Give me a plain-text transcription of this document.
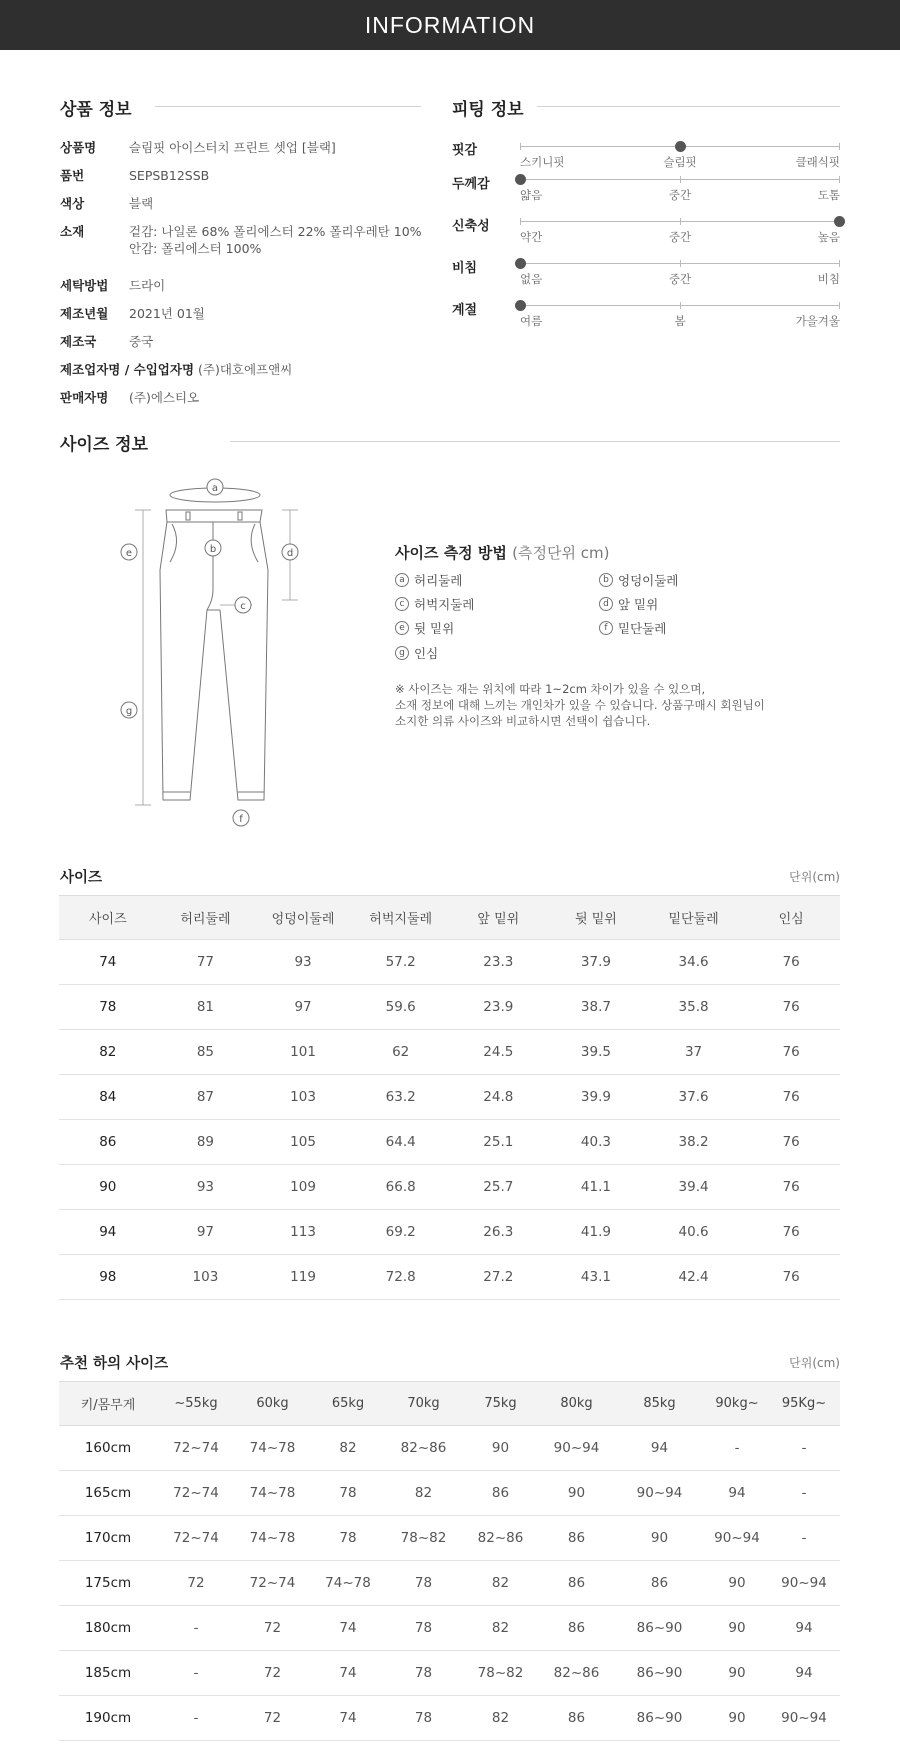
INFORMATION
상품 정보
상품명	슬림핏 아이스터치 프린트 셋업 [블랙]
품번	SEPSB12SSB
색상	블랙
소재	겉감: 나일론 68% 폴리에스터 22% 폴리우레탄 10%
안감: 폴리에스터 100%
세탁방법	드라이
제조년월	2021년 01월
제조국	중국
제조업자명 / 수입업자명 (주)대호에프앤씨
판매자명	(주)에스티오
피팅 정보
핏감
스키니핏	슬림핏	클래식핏
두께감
얇음	중간	도톰
신축성
약간	중간	높음
비침
없음	중간	비침
계절
여름	봄	가을겨울
사이즈 정보
a
b
c
d
e
f
g
사이즈 측정 방법 (측정단위 cm)
a 허리둘레	b 엉덩이둘레
c 허벅지둘레	d 앞 밑위
e 뒷 밑위	f 밑단둘레
g 인심
※ 사이즈는 재는 위치에 따라 1~2cm 차이가 있을 수 있으며,
소재 정보에 대해 느끼는 개인차가 있을 수 있습니다. 상품구매시 회원님이
소지한 의류 사이즈와 비교하시면 선택이 쉽습니다.
사이즈	단위(cm)
사이즈	허리둘레	엉덩이둘레	허벅지둘레	앞 밑위	뒷 밑위	밑단둘레	인심
74	77	93	57.2	23.3	37.9	34.6	76
78	81	97	59.6	23.9	38.7	35.8	76
82	85	101	62	24.5	39.5	37	76
84	87	103	63.2	24.8	39.9	37.6	76
86	89	105	64.4	25.1	40.3	38.2	76
90	93	109	66.8	25.7	41.1	39.4	76
94	97	113	69.2	26.3	41.9	40.6	76
98	103	119	72.8	27.2	43.1	42.4	76
추천 하의 사이즈	단위(cm)
키/몸무게	~55kg	60kg	65kg	70kg	75kg	80kg	85kg	90kg~	95Kg~
160cm	72~74	74~78	82	82~86	90	90~94	94	-	-
165cm	72~74	74~78	78	82	86	90	90~94	94	-
170cm	72~74	74~78	78	78~82	82~86	86	90	90~94	-
175cm	72	72~74	74~78	78	82	86	86	90	90~94
180cm	-	72	74	78	82	86	86~90	90	94
185cm	-	72	74	78	78~82	82~86	86~90	90	94
190cm	-	72	74	78	82	86	86~90	90	90~94
